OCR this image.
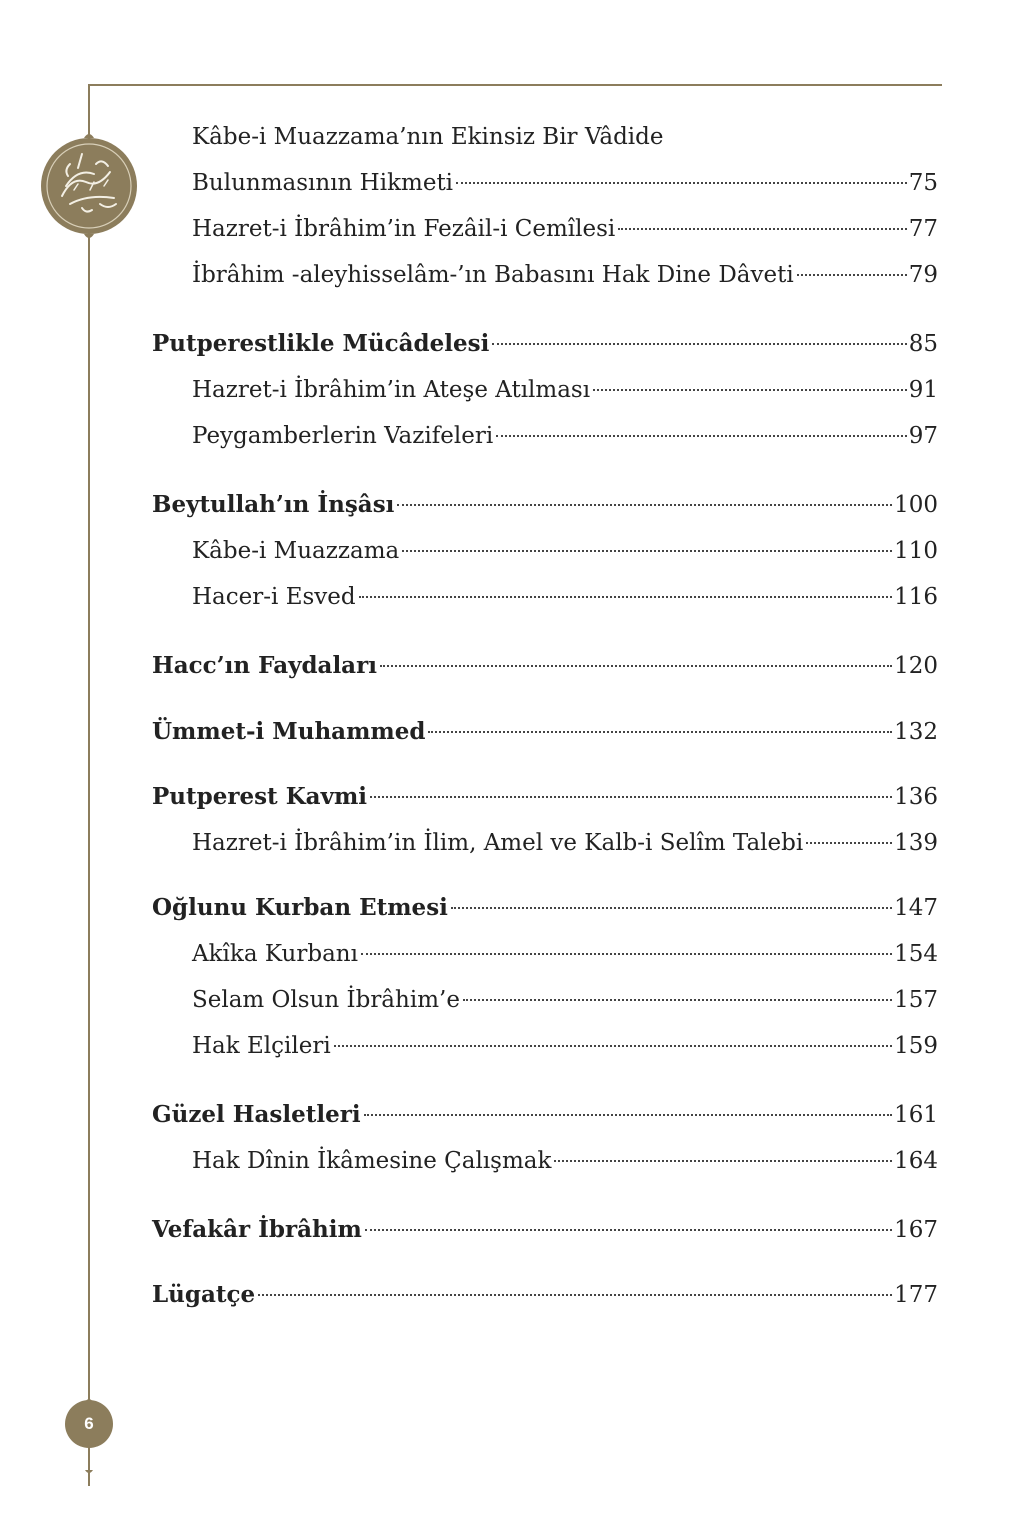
6
Kâbe-i Muazzama’nın Ekinsiz Bir Vâdide
Bulunmasının Hikmeti	75
Hazret-i İbrâhim’in Fezâil-i Cemîlesi	77
İbrâhim -aleyhisselâm-’ın Babasını Hak Dine Dâveti	79
Putperestlikle Mücâdelesi	85
Hazret-i İbrâhim’in Ateşe Atılması	91
Peygamberlerin Vazifeleri	97
Beytullah’ın İnşâsı	100
Kâbe-i Muazzama	110
Hacer-i Esved	116
Hacc’ın Faydaları	120
Ümmet-i Muhammed	132
Putperest Kavmi	136
Hazret-i İbrâhim’in İlim, Amel ve Kalb-i Selîm Talebi	139
Oğlunu Kurban Etmesi	147
Akîka Kurbanı	154
Selam Olsun İbrâhim’e	157
Hak Elçileri	159
Güzel Hasletleri	161
Hak Dînin İkâmesine Çalışmak	164
Vefakâr İbrâhim	167
Lügatçe	177
